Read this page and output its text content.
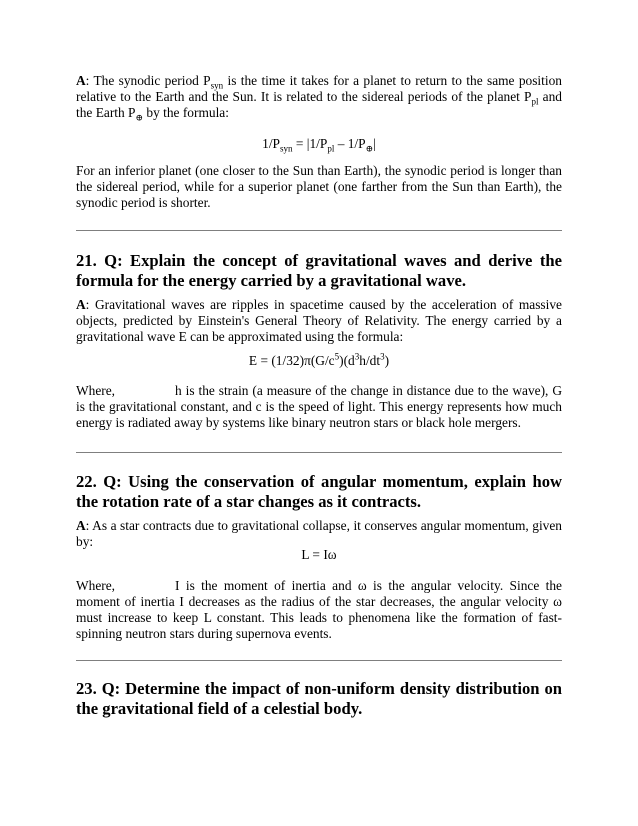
A: The synodic period $P_{syn}$ is the time it takes for a planet to return to the same position relative to the Earth and the Sun. It is related to the sidereal periods of the planet $P_{pl}$ and the Earth $P_\oplus$ by the formula:

$1/P_{syn} = |1/P_{pl} - 1/P_\oplus|$

For an inferior planet (one closer to the Sun than Earth), the synodic period is longer than the sidereal period, while for a superior planet (one farther from the Sun than Earth), the synodic period is shorter.

21. Q: Explain the concept of gravitational waves and derive the formula for the energy carried by a gravitational wave.

A: Gravitational waves are ripples in spacetime caused by the acceleration of massive objects, predicted by Einstein's General Theory of Relativity. The energy carried by a gravitational wave E can be approximated using the formula:

$E = (1/32)\pi(G/c^5)(d^3h/dt^3)$

Where,	h is the strain (a measure of the change in distance due to the wave), G is the gravitational constant, and c is the speed of light. This energy represents how much energy is radiated away by systems like binary neutron stars or black hole mergers.

22. Q: Using the conservation of angular momentum, explain how the rotation rate of a star changes as it contracts.

A: As a star contracts due to gravitational collapse, it conserves angular momentum, given by:

L = Iω

Where,	I is the moment of inertia and ω is the angular velocity. Since the moment of inertia I decreases as the radius of the star decreases, the angular velocity ω must increase to keep L constant. This leads to phenomena like the formation of fast-spinning neutron stars during supernova events.

23. Q: Determine the impact of non-uniform density distribution on the gravitational field of a celestial body.
